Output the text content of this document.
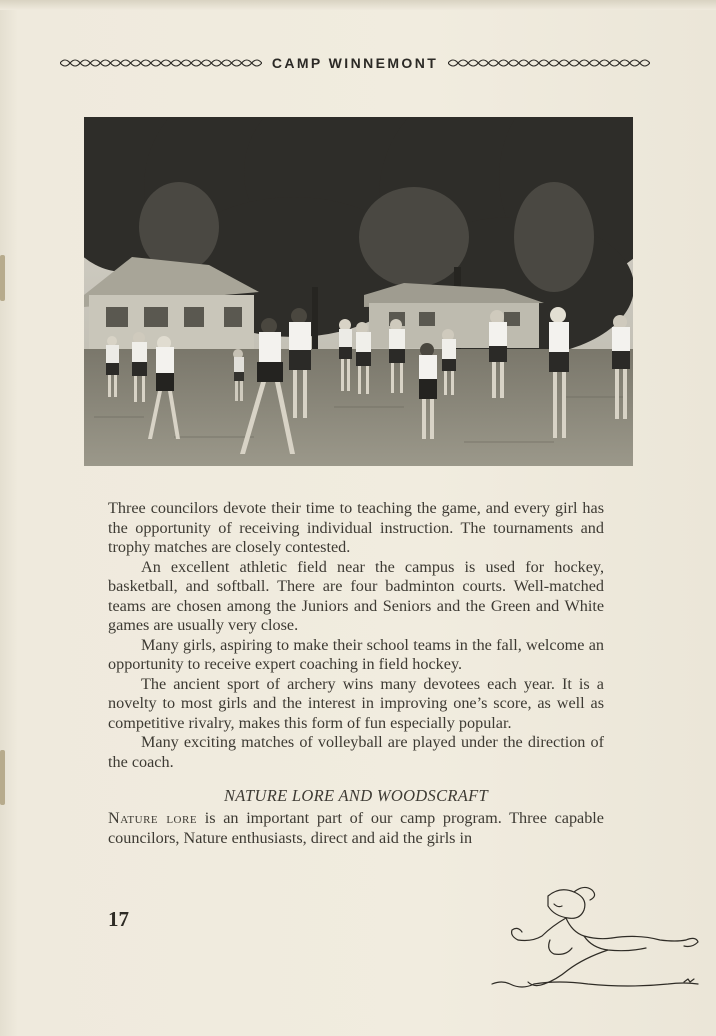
CAMP WINNEMONT

Three councilors devote their time to teaching the game, and every girl has the opportunity of receiving individual instruction. The tournaments and trophy matches are closely contested.

An excellent athletic field near the campus is used for hockey, basketball, and softball. There are four badminton courts. Well-matched teams are chosen among the Juniors and Seniors and the Green and White games are usually very close.

Many girls, aspiring to make their school teams in the fall, welcome an opportunity to receive expert coaching in field hockey.

The ancient sport of archery wins many devotees each year. It is a novelty to most girls and the interest in improving one’s score, as well as competitive rivalry, makes this form of fun especially popular.

Many exciting matches of volleyball are played under the direction of the coach.

NATURE LORE AND WOODSCRAFT

Nature lore is an important part of our camp program. Three capable councilors, Nature enthusiasts, direct and aid the girls in

17
